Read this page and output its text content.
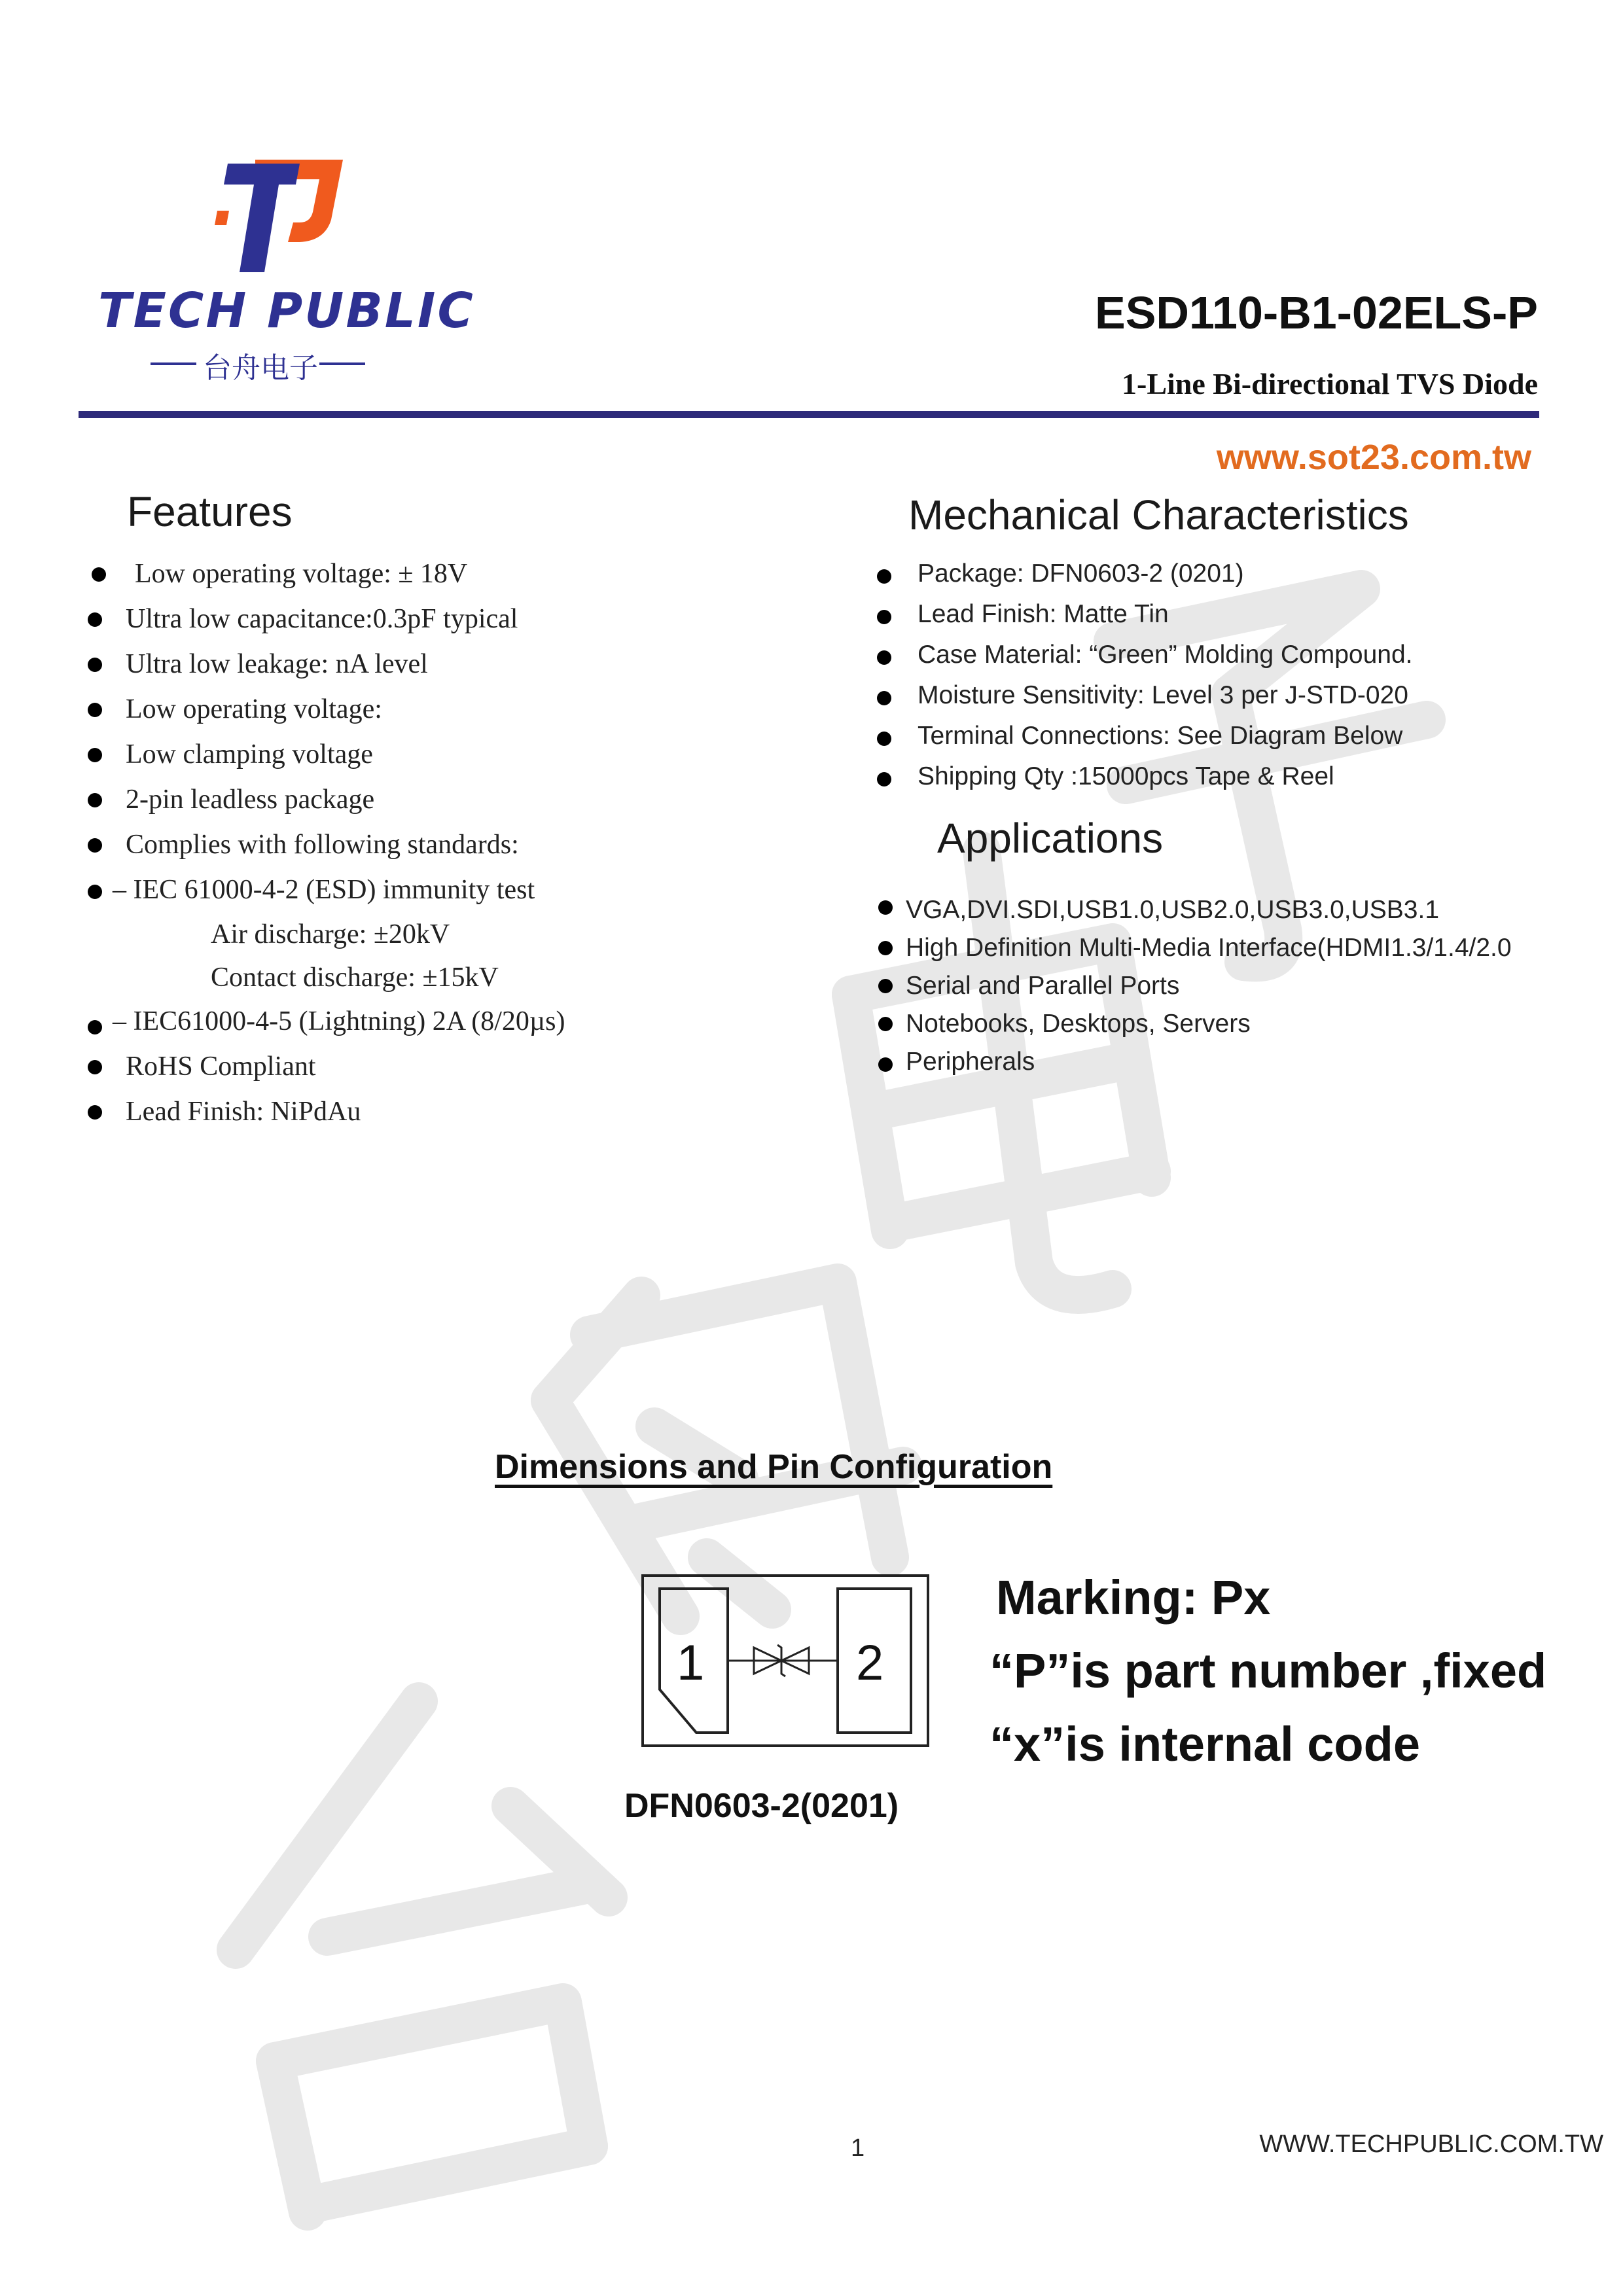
TECH PUBLIC
台舟电子
ESD110-B1-02ELS-P
1-Line Bi-directional TVS Diode
www.sot23.com.tw
Features
Low operating voltage: ± 18V
Ultra low capacitance:0.3pF typical
Ultra low leakage: nA level
Low operating voltage:
Low clamping voltage
2-pin leadless package
Complies with following standards:
– IEC 61000-4-2 (ESD) immunity test
Air discharge: ±20kV
Contact discharge: ±15kV
– IEC61000-4-5 (Lightning) 2A (8/20µs)
RoHS Compliant
Lead Finish: NiPdAu
Mechanical Characteristics
Package: DFN0603-2 (0201)
Lead Finish: Matte Tin
Case Material: “Green” Molding Compound.
Moisture Sensitivity: Level 3 per J-STD-020
Terminal Connections: See Diagram Below
Shipping Qty :15000pcs Tape & Reel
Applications
VGA,DVI.SDI,USB1.0,USB2.0,USB3.0,USB3.1
High Definition Multi-Media Interface(HDMI1.3/1.4/2.0
Serial and Parallel Ports
Notebooks, Desktops, Servers
Peripherals
Dimensions and Pin Configuration
1	2
DFN0603-2(0201)
Marking: Px
“P”is part number ,fixed
“x”is internal code
1	WWW.TECHPUBLIC.COM.TW
